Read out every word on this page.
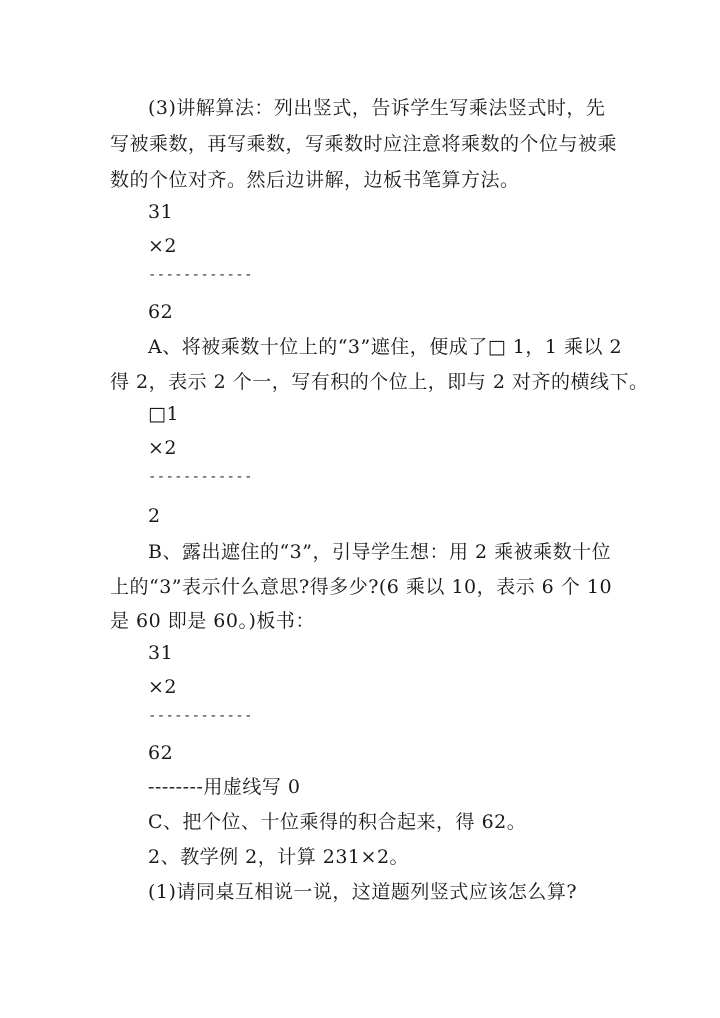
(3)讲解算法：列出竖式，告诉学生写乘法竖式时，先
写被乘数，再写乘数，写乘数时应注意将乘数的个位与被乘
数的个位对齐。然后边讲解，边板书笔算方法。
31
×2
------------
62
A、将被乘数十位上的“3”遮住，便成了□ 1，1 乘以 2
得 2，表示 2 个一，写有积的个位上，即与 2 对齐的横线下。
□1
×2
------------
2
B、露出遮住的“3”，引导学生想：用 2 乘被乘数十位
上的“3”表示什么意思?得多少?(6 乘以 10，表示 6 个 10
是 60 即是 60。)板书：
31
×2
------------
62
--------用虚线写 0
C、把个位、十位乘得的积合起来，得 62。
2、教学例 2，计算 231×2。
(1)请同桌互相说一说，这道题列竖式应该怎么算?
